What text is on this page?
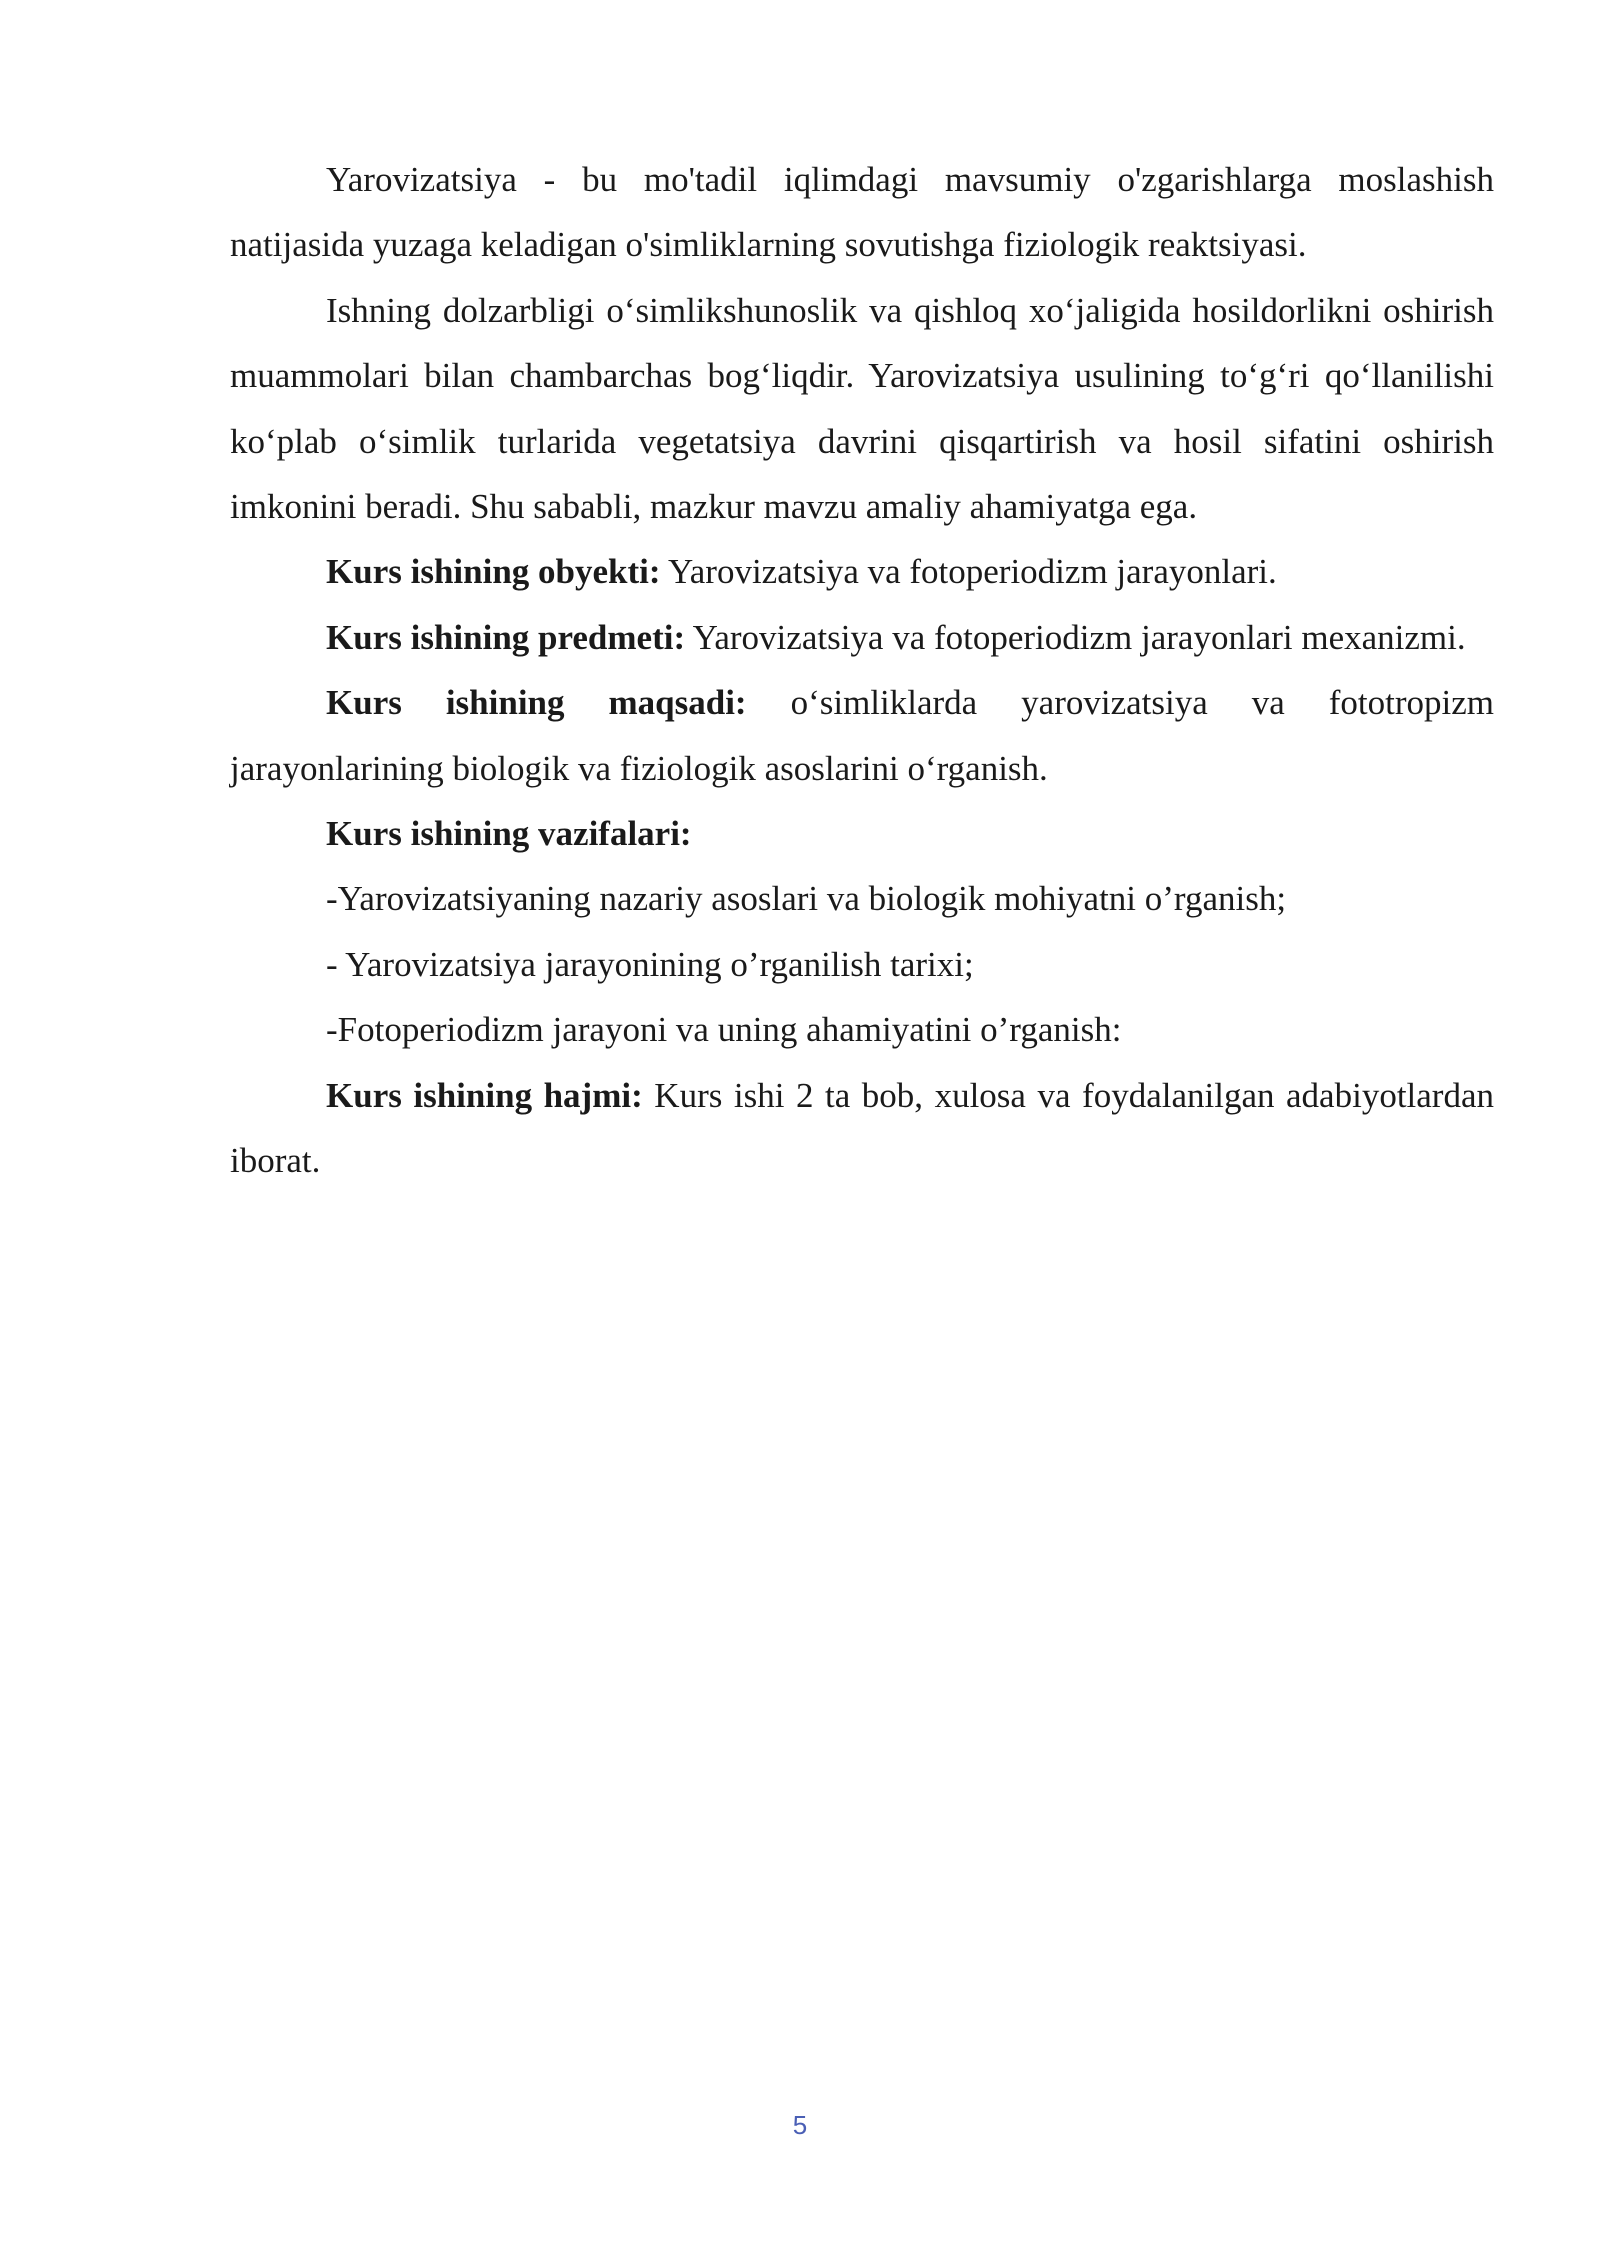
Yarovizatsiya - bu mo'tadil iqlimdagi mavsumiy o'zgarishlarga moslashish natijasida yuzaga keladigan o'simliklarning sovutishga fiziologik reaktsiyasi.

Ishning dolzarbligi o‘simlikshunoslik va qishloq xo‘jaligida hosildorlikni oshirish muammolari bilan chambarchas bog‘liqdir. Yarovizatsiya usulining to‘g‘ri qo‘llanilishi ko‘plab o‘simlik turlarida vegetatsiya davrini qisqartirish va hosil sifatini oshirish imkonini beradi. Shu sababli, mazkur mavzu amaliy ahamiyatga ega.

Kurs ishining obyekti: Yarovizatsiya va fotoperiodizm jarayonlari.

Kurs ishining predmeti: Yarovizatsiya va fotoperiodizm jarayonlari mexanizmi.

Kurs ishining maqsadi: o‘simliklarda yarovizatsiya va fototropizm jarayonlarining biologik va fiziologik asoslarini o‘rganish.

Kurs ishining vazifalari:

-Yarovizatsiyaning nazariy asoslari va biologik mohiyatni o’rganish;

- Yarovizatsiya jarayonining o’rganilish tarixi;

-Fotoperiodizm jarayoni va uning ahamiyatini o’rganish:

Kurs ishining hajmi: Kurs ishi 2 ta bob, xulosa va foydalanilgan adabiyotlardan iborat.

5
